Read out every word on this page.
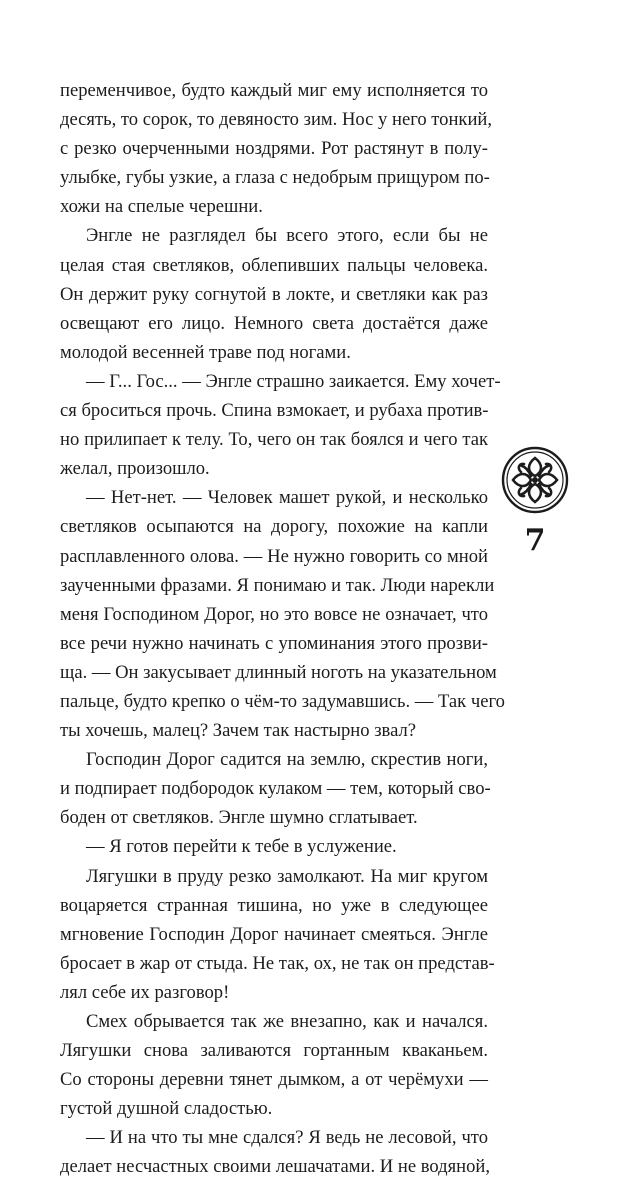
переменчивое, будто каждый миг ему исполняется то
десять, то сорок, то девяносто зим. Нос у него тонкий,
с резко очерченными ноздрями. Рот растянут в полу-
улыбке, губы узкие, а глаза с недобрым прищуром по-
хожи на спелые черешни.
Энгле не разглядел бы всего этого, если бы не
целая стая светляков, облепивших пальцы человека.
Он держит руку согнутой в локте, и светляки как раз
освещают его лицо. Немного света достаётся даже
молодой весенней траве под ногами.
— Г... Гос... — Энгле страшно заикается. Ему хочет-
ся броситься прочь. Спина взмокает, и рубаха против-
но прилипает к телу. То, чего он так боялся и чего так
желал, произошло.
— Нет-нет. — Человек машет рукой, и несколько
светляков осыпаются на дорогу, похожие на капли
расплавленного олова. — Не нужно говорить со мной
заученными фразами. Я понимаю и так. Люди нарекли
меня Господином Дорог, но это вовсе не означает, что
все речи нужно начинать с упоминания этого прозви-
ща. — Он закусывает длинный ноготь на указательном
пальце, будто крепко о чём-то задумавшись. — Так чего
ты хочешь, малец? Зачем так настырно звал?
Господин Дорог садится на землю, скрестив ноги,
и подпирает подбородок кулаком — тем, который сво-
боден от светляков. Энгле шумно сглатывает.
— Я готов перейти к тебе в услужение.
Лягушки в пруду резко замолкают. На миг кругом
воцаряется странная тишина, но уже в следующее
мгновение Господин Дорог начинает смеяться. Энгле
бросает в жар от стыда. Не так, ох, не так он представ-
лял себе их разговор!
Смех обрывается так же внезапно, как и начался.
Лягушки снова заливаются гортанным кваканьем.
Со стороны деревни тянет дымком, а от черёмухи —
густой душной сладостью.
— И на что ты мне сдался? Я ведь не лесовой, что
делает несчастных своими лешачатами. И не водяной,
7
